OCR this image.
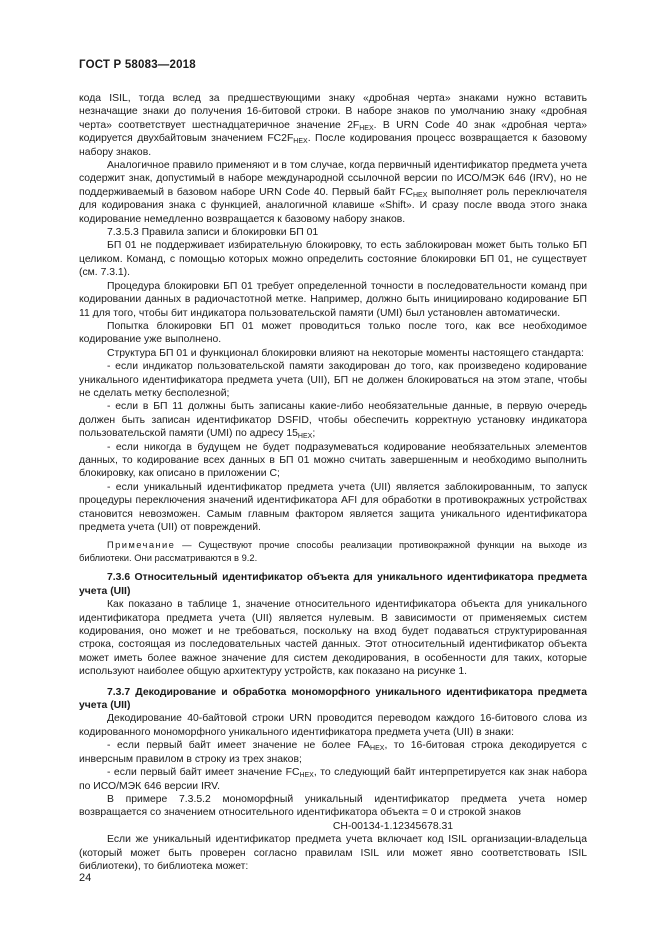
ГОСТ Р 58083—2018

кода ISIL, тогда вслед за предшествующими знаку «дробная черта» знаками нужно вставить незначащие знаки до получения 16-битовой строки. В наборе знаков по умолчанию знаку «дробная черта» соответствует шестнадцатеричное значение $2F_{HEX}$. В URN Code 40 знак «дробная черта» кодируется двухбайтовым значением $FC2F_{HEX}$. После кодирования процесс возвращается к базовому набору знаков.

Аналогичное правило применяют и в том случае, когда первичный идентификатор предмета учета содержит знак, допустимый в наборе международной ссылочной версии по ИСО/МЭК 646 (IRV), но не поддерживаемый в базовом наборе URN Code 40. Первый байт $FC_{HEX}$ выполняет роль переключателя для кодирования знака с функцией, аналогичной клавише «Shift». И сразу после ввода этого знака кодирование немедленно возвращается к базовому набору знаков.

7.3.5.3 Правила записи и блокировки БП 01

БП 01 не поддерживает избирательную блокировку, то есть заблокирован может быть только БП целиком. Команд, с помощью которых можно определить состояние блокировки БП 01, не существует (см. 7.3.1).

Процедура блокировки БП 01 требует определенной точности в последовательности команд при кодировании данных в радиочастотной метке. Например, должно быть инициировано кодирование БП 11 для того, чтобы бит индикатора пользовательской памяти (UMI) был установлен автоматически.

Попытка блокировки БП 01 может проводиться только после того, как все необходимое кодирование уже выполнено.

Структура БП 01 и функционал блокировки влияют на некоторые моменты настоящего стандарта:

- если индикатор пользовательской памяти закодирован до того, как произведено кодирование уникального идентификатора предмета учета (UII), БП не должен блокироваться на этом этапе, чтобы не сделать метку бесполезной;

- если в БП 11 должны быть записаны какие-либо необязательные данные, в первую очередь должен быть записан идентификатор DSFID, чтобы обеспечить корректную установку индикатора пользовательской памяти (UMI) по адресу $15_{HEX}$;

- если никогда в будущем не будет подразумеваться кодирование необязательных элементов данных, то кодирование всех данных в БП 01 можно считать завершенным и необходимо выполнить блокировку, как описано в приложении C;

- если уникальный идентификатор предмета учета (UII) является заблокированным, то запуск процедуры переключения значений идентификатора AFI для обработки в противокражных устройствах становится невозможен. Самым главным фактором является защита уникального идентификатора предмета учета (UII) от повреждений.

Примечание — Существуют прочие способы реализации противокражной функции на выходе из библиотеки. Они рассматриваются в 9.2.

7.3.6 Относительный идентификатор объекта для уникального идентификатора предмета учета (UII)

Как показано в таблице 1, значение относительного идентификатора объекта для уникального идентификатора предмета учета (UII) является нулевым. В зависимости от применяемых систем кодирования, оно может и не требоваться, поскольку на вход будет подаваться структурированная строка, состоящая из последовательных частей данных. Этот относительный идентификатор объекта может иметь более важное значение для систем декодирования, в особенности для таких, которые используют наиболее общую архитектуру устройств, как показано на рисунке 1.

7.3.7 Декодирование и обработка мономорфного уникального идентификатора предмета учета (UII)

Декодирование 40-байтовой строки URN проводится переводом каждого 16-битового слова из кодированного мономорфного уникального идентификатора предмета учета (UII) в знаки:

- если первый байт имеет значение не более $FA_{HEX}$, то 16-битовая строка декодируется с инверсным правилом в строку из трех знаков;

- если первый байт имеет значение $FC_{HEX}$, то следующий байт интерпретируется как знак набора по ИСО/МЭК 646 версии IRV.

В примере 7.3.5.2 мономорфный уникальный идентификатор предмета учета номер возвращается со значением относительного идентификатора объекта = 0 и строкой знаков

CH-00134-1.12345678.31

Если же уникальный идентификатор предмета учета включает код ISIL организации-владельца (который может быть проверен согласно правилам ISIL или может явно соответствовать ISIL библиотеки), то библиотека может:

24
